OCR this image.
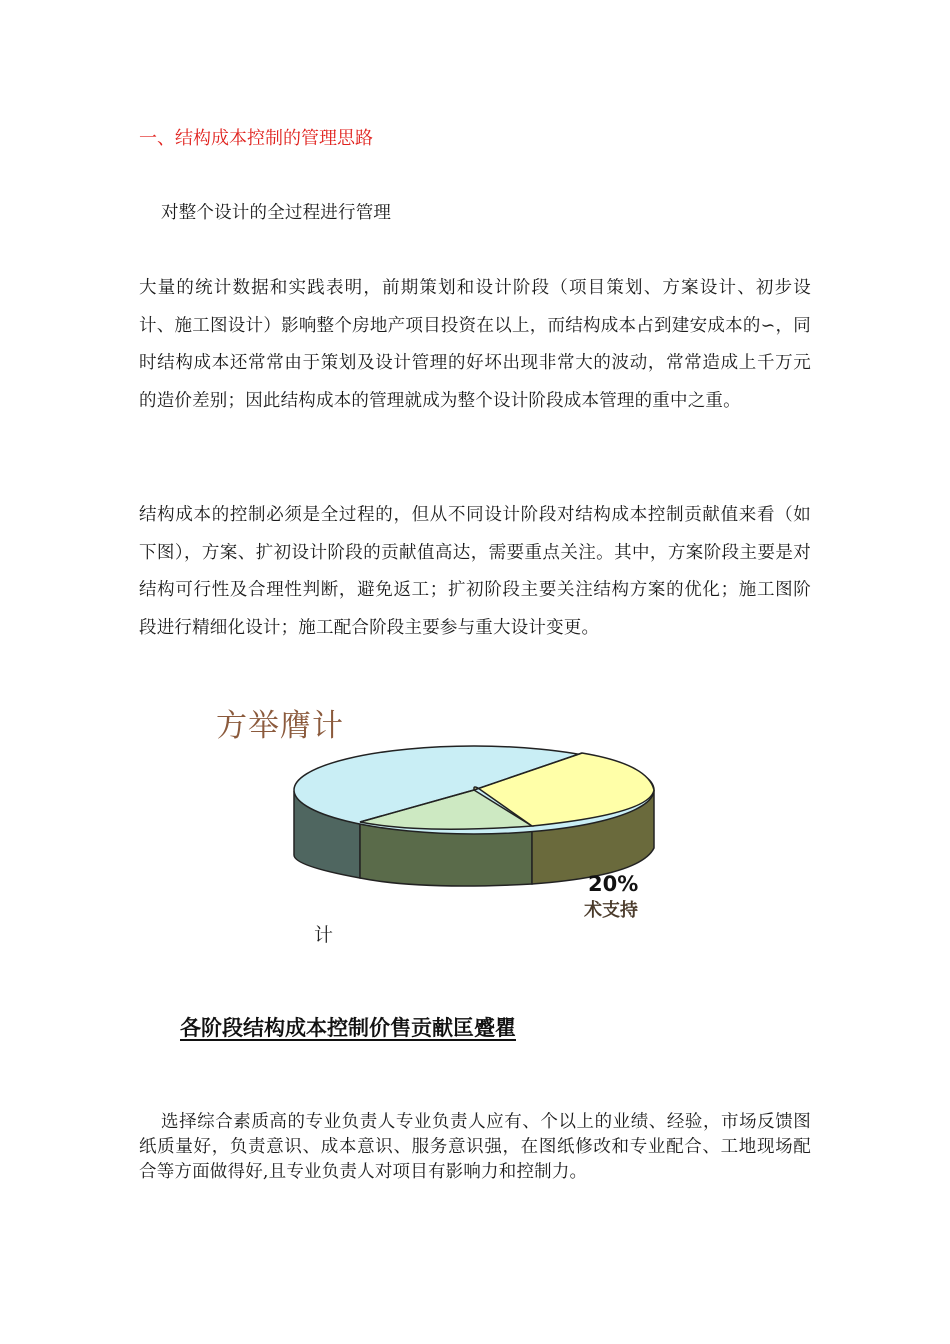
一、结构成本控制的管理思路

对整个设计的全过程进行管理

大量的统计数据和实践表明，前期策划和设计阶段（项目策划、方案设计、初步设计、施工图设计）影响整个房地产项目投资在以上，而结构成本占到建安成本的∽，同时结构成本还常常由于策划及设计管理的好坏出现非常大的波动，常常造成上千万元的造价差别；因此结构成本的管理就成为整个设计阶段成本管理的重中之重。

结构成本的控制必须是全过程的，但从不同设计阶段对结构成本控制贡献值来看（如下图），方案、扩初设计阶段的贡献值高达，需要重点关注。其中，方案阶段主要是对结构可行性及合理性判断，避免返工；扩初阶段主要关注结构方案的优化；施工图阶段进行精细化设计；施工配合阶段主要参与重大设计变更。

方举膺计
20%
术支持
计
各阶段结构成本控制价售贡献匡蹙瞿

选择综合素质高的专业负责人专业负责人应有、个以上的业绩、经验，市场反馈图纸质量好，负责意识、成本意识、服务意识强，在图纸修改和专业配合、工地现场配合等方面做得好,且专业负责人对项目有影响力和控制力。
